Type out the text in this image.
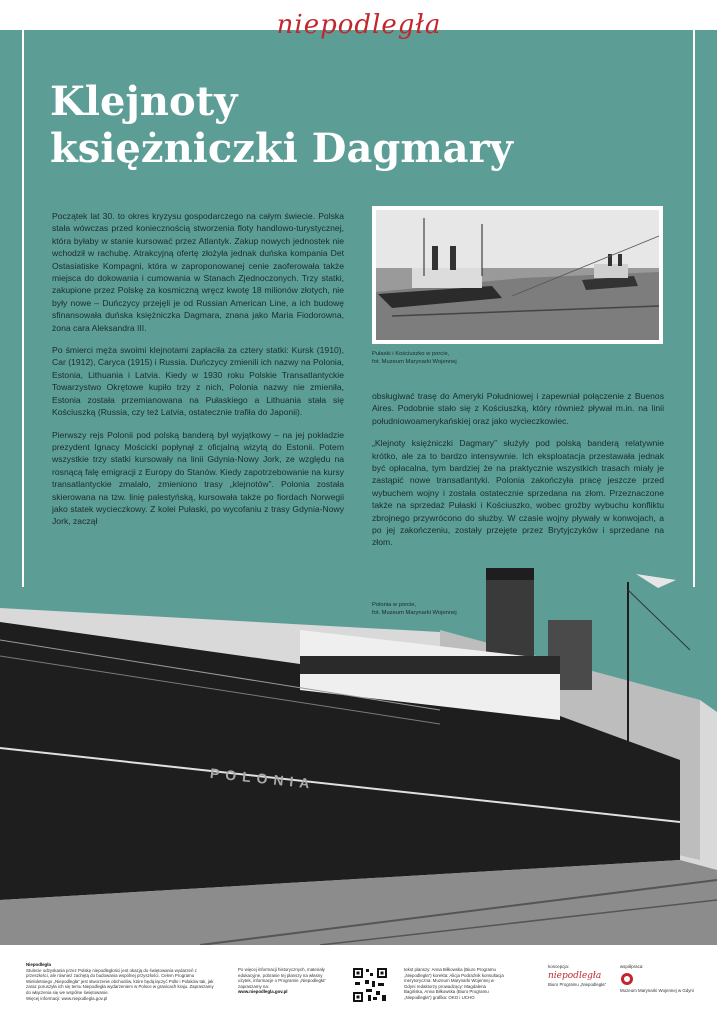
niepodległa
Klejnoty
księżniczki Dagmary

Początek lat 30. to okres kryzysu gospodarczego na całym świecie. Polska stała wówczas przed koniecznością stworzenia floty handlowo-turystycznej, która byłaby w stanie kursować przez Atlantyk. Zakup nowych jednostek nie wchodził w rachubę. Atrakcyjną ofertę złożyła jednak duńska kompania Det Ostasiatiske Kompagni, która w zaproponowanej cenie zaoferowała także miejsca do dokowania i cumowania w Stanach Zjednoczonych. Trzy statki, zakupione przez Polskę za kosmiczną wręcz kwotę 18 milionów złotych, nie były nowe – Duńczycy przejęli je od Russian American Line, a ich budowę sfinansowała duńska księżniczka Dagmara, znana jako Maria Fiodorowna, żona cara Aleksandra III.

Po śmierci męża swoimi klejnotami zapłaciła za cztery statki: Kursk (1910), Car (1912), Caryca (1915) i Russia. Duńczycy zmienili ich nazwy na Polonia, Estonia, Lithuania i Latvia. Kiedy w 1930 roku Polskie Transatlantyckie Towarzystwo Okrętowe kupiło trzy z nich, Polonia nazwy nie zmieniła, Estonia została przemianowana na Pułaskiego a Lithuania stała się Kościuszką (Russia, czy też Latvia, ostatecznie trafiła do Japonii).

Pierwszy rejs Polonii pod polską banderą był wyjątkowy – na jej pokładzie prezydent Ignacy Mościcki popłynął z oficjalną wizytą do Estonii. Potem wszystkie trzy statki kursowały na linii Gdynia-Nowy Jork, ze względu na rosnącą falę emigracji z Europy do Stanów. Kiedy zapotrzebowanie na kursy transatlantyckie zmalało, zmieniono trasy „klejnotów”. Polonia została skierowana na tzw. linię palestyńską, kursowała także po fiordach Norwegii jako statek wycieczkowy. Z kolei Pułaski, po wycofaniu z trasy Gdynia-Nowy Jork, zaczął

Pułaski i Kościuszko w porcie,
fot. Muzeum Marynarki Wojennej

obsługiwać trasę do Ameryki Południowej i zapewniał połączenie z Buenos Aires. Podobnie stało się z Kościuszką, który również pływał m.in. na linii południowoamerykańskiej oraz jako wycieczkowiec.

„Klejnoty księżniczki Dagmary” służyły pod polską banderą relatywnie krótko, ale za to bardzo intensywnie. Ich eksploatacja przestawała jednak być opłacalna, tym bardziej że na praktycznie wszystkich trasach miały je zastąpić nowe transatlantyki. Polonia zakończyła pracę jeszcze przed wybuchem wojny i została ostatecznie sprzedana na złom. Przeznaczone także na sprzedaż Pułaski i Kościuszko, wobec groźby wybuchu konfliktu zbrojnego przywrócono do służby. W czasie wojny pływały w konwojach, a po jej zakończeniu, zostały przejęte przez Brytyjczyków i sprzedane na złom.

Polonia w porcie,
fot. Muzeum Marynarki Wojennej
POLONIA
Niepodległa
Stulecie odzyskania przez Polskę niepodległości jest okazją do świętowania wydarzeń z przeszłości, ale również zachętą do budowania wspólnej przyszłości. Celem Programu Wieloletniego „Niepodległa” jest stworzenie obchodów, które będą łączyć Polki i Polaków tak, jak zaraz poruszyła ich się temu Niepodległa wydarzeniem w Polsce w granicach kraju. Zapraszamy do włączenia się we wspólne świętowanie.
Więcej informacji: www.niepodlegla.gov.pl
Po więcej informacji historycznych, materiały edukacyjne, pobranie tej planszy na własny użytek, informacje o Programie „Niepodległa” zapraszamy na:
www.niepodlegla.gov.pl
tekst planszy: Anna Biłkowska (Biuro Programu „Niepodległa”) korekta: Alicja Podraźnik konsultacja merytoryczna: Muzeum Marynarki Wojennej w Gdyni redaktorzy prowadzący: Magdalena Bagińska, Anna Biłkowska (Biuro Programu „Niepodległa”) grafika: OKO i UCHO
koncepcja:
niepodległa
Biuro Programu „Niepodległa”
współpraca:
Muzeum Marynarki Wojennej w Gdyni
